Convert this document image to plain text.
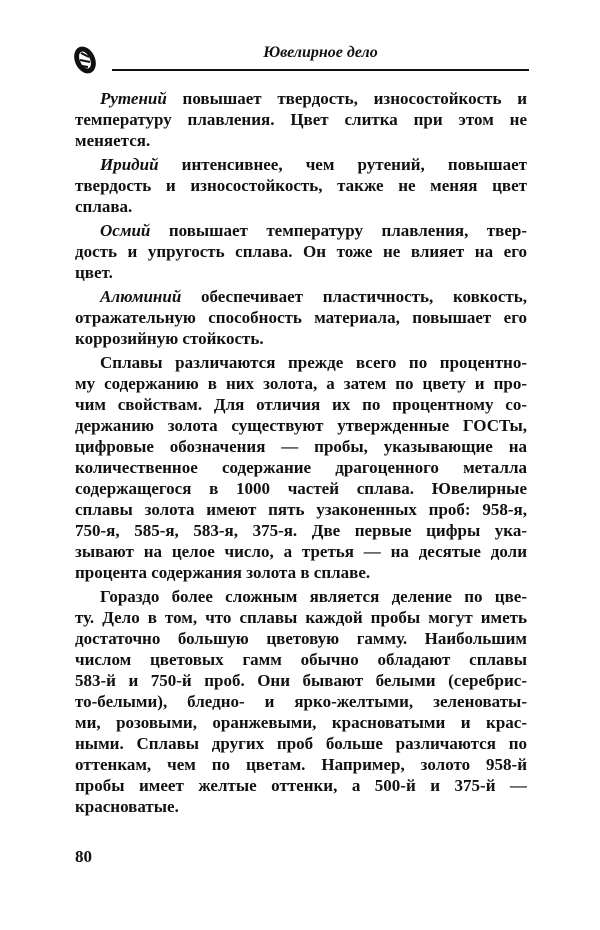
Ювелирное дело
Рутений повышает твердость, износостойкость и
температуру плавления. Цвет слитка при этом не
меняется.
Иридий интенсивнее, чем рутений, повышает
твердость и износостойкость, также не меняя цвет
сплава.
Осмий повышает температуру плавления, твер-
дость и упругость сплава. Он тоже не влияет на его
цвет.
Алюминий обеспечивает пластичность, ковкость,
отражательную способность материала, повышает его
коррозийную стойкость.
Сплавы различаются прежде всего по процентно-
му содержанию в них золота, а затем по цвету и про-
чим свойствам. Для отличия их по процентному со-
держанию золота существуют утвержденные ГОСТы,
цифровые обозначения — пробы, указывающие на
количественное содержание драгоценного металла
содержащегося в 1000 частей сплава. Ювелирные
сплавы золота имеют пять узаконенных проб: 958-я,
750-я, 585-я, 583-я, 375-я. Две первые цифры ука-
зывают на целое число, а третья — на десятые доли
процента содержания золота в сплаве.
Гораздо более сложным является деление по цве-
ту. Дело в том, что сплавы каждой пробы могут иметь
достаточно большую цветовую гамму. Наибольшим
числом цветовых гамм обычно обладают сплавы
583-й и 750-й проб. Они бывают белыми (серебрис-
то-белыми), бледно- и ярко-желтыми, зеленоваты-
ми, розовыми, оранжевыми, красноватыми и крас-
ными. Сплавы других проб больше различаются по
оттенкам, чем по цветам. Например, золото 958-й
пробы имеет желтые оттенки, а 500-й и 375-й —
красноватые.
80
